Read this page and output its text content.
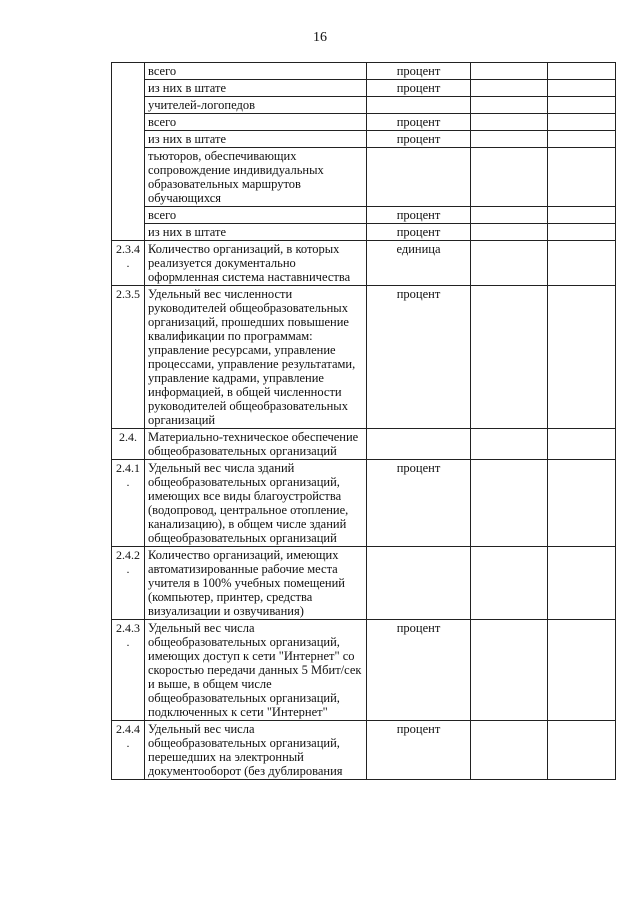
16
	всего	процент		
	из них в штате	процент		
	учителей-логопедов			
	всего	процент		
	из них в штате	процент		
	тьюторов, обеспечивающих сопровождение индивидуальных образовательных маршрутов обучающихся			
	всего	процент		
	из них в штате	процент		
2.3.4.	Количество организаций, в которых реализуется документально оформленная система наставничества	единица		
2.3.5	Удельный вес численности руководителей общеобразовательных организаций, прошедших повышение квалификации по программам: управление ресурсами, управление процессами, управление результатами, управление кадрами, управление информацией, в общей численности руководителей общеобразовательных организаций	процент		
2.4.	Материально-техническое обеспечение общеобразовательных организаций			
2.4.1.	Удельный вес числа зданий общеобразовательных организаций, имеющих все виды благоустройства (водопровод, центральное отопление, канализацию), в общем числе зданий общеобразовательных организаций	процент		
2.4.2.	Количество организаций, имеющих автоматизированные рабочие места учителя в 100% учебных помещений (компьютер, принтер, средства визуализации и озвучивания)			
2.4.3.	Удельный вес числа общеобразовательных организаций, имеющих доступ к сети "Интернет" со скоростью передачи данных 5 Мбит/сек и выше, в общем числе общеобразовательных организаций, подключенных к сети "Интернет"	процент		
2.4.4.	Удельный вес числа общеобразовательных организаций, перешедших на электронный документооборот (без дублирования	процент		
